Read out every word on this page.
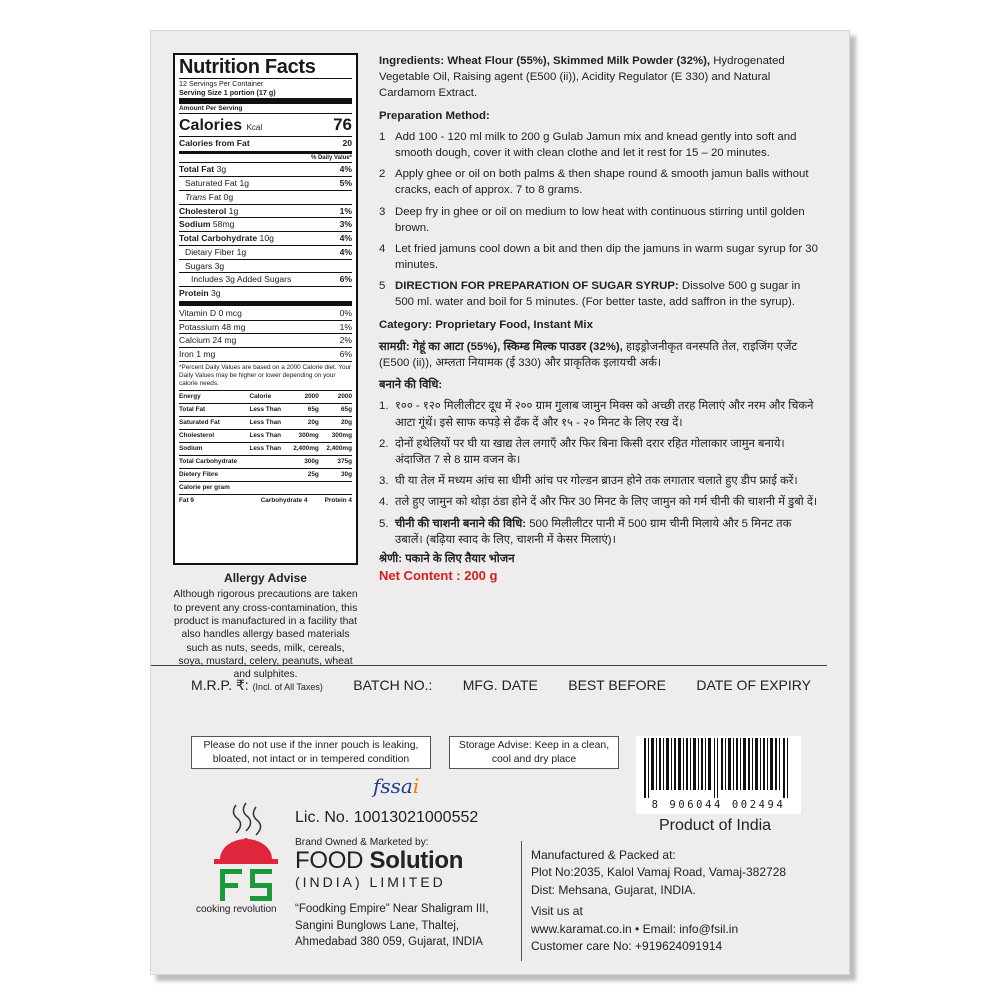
Nutrition Facts
12 Servings Per Container
Serving Size 1 portion (17 g)
Amount Per Serving
Calories Kcal	76
Calories from Fat	20
% Daily Value*
Total Fat 3g	4%
Saturated Fat 1g	5%
Trans Fat 0g
Cholesterol 1g	1%
Sodium 58mg	3%
Total Carbohydrate 10g	4%
Dietary Fiber 1g	4%
Sugars 3g
Includes 3g Added Sugars	6%
Protein 3g
Vitamin D 0 mcg	0%
Potassium 48 mg	1%
Calcium 24 mg	2%
Iron 1 mg	6%
*Percent Daily Values are based on a 2000 Calorie diet. Your Daily Values may be higher or lower depending on your calorie needs.
Energy	Calorie	2000	2000
Total Fat	Less Than	65g	65g
Saturated Fat	Less Than	20g	20g
Cholesterol	Less Than	300mg	300mg
Sodium	Less Than	2,400mg	2,400mg
Total Carbohydrate		300g	375g
Dietery Fibre		25g	30g
Calorie per gram			
Fat 9	Carbohydrate 4		Protein 4
Allergy Advise
Although rigorous precautions are taken to prevent any cross-contamination, this product is manufactured in a facility that also handles allergy based materials such as nuts, seeds, milk, cereals, soya, mustard, celery, peanuts, wheat and sulphites.
Ingredients: Wheat Flour (55%), Skimmed Milk Powder (32%), Hydrogenated Vegetable Oil, Raising agent (E500 (ii)), Acidity Regulator (E 330) and Natural Cardamom Extract.
Preparation Method:
1 Add 100 - 120 ml milk to 200 g Gulab Jamun mix and knead gently into soft and smooth dough, cover it with clean clothe and let it rest for 15 – 20 minutes.
2 Apply ghee or oil on both palms & then shape round & smooth jamun balls without cracks, each of approx. 7 to 8 grams.
3 Deep fry in ghee or oil on medium to low heat with continuous stirring until golden brown.
4 Let fried jamuns cool down a bit and then dip the jamuns in warm sugar syrup for 30 minutes.
5 DIRECTION FOR PREPARATION OF SUGAR SYRUP: Dissolve 500 g sugar in 500 ml. water and boil for 5 minutes. (For better taste, add saffron in the syrup).
Category: Proprietary Food, Instant Mix
सामग्री: गेहूं का आटा (55%), स्किम्ड मिल्क पाउडर (32%), हाइड्रोजनीकृत वनस्पति तेल, राइजिंग एजेंट (E500 (ii)), अम्लता नियामक (ई 330) और प्राकृतिक इलायची अर्क।
बनाने की विधि:
1. १०० - १२० मिलीलीटर दूध में २०० ग्राम गुलाब जामुन मिक्स को अच्छी तरह मिलाएं और नरम और चिकने आटा गूंथें। इसे साफ कपड़े से ढँक दें और १५ - २० मिनट के लिए रख दें।
2. दोनों हथेलियों पर घी या खाद्य तेल लगाएँ और फिर बिना किसी दरार रहित गोलाकार जामुन बनाये। अंदाजित 7 से 8 ग्राम वजन के।
3. घी या तेल में मध्यम आंच सा धीमी आंच पर गोल्डन ब्राउन होने तक लगातार चलाते हुए डीप फ्राई करें।
4. तले हुए जामुन को थोड़ा ठंडा होने दें और फिर 30 मिनट के लिए जामुन को गर्म चीनी की चाशनी में डुबो दें।
5. चीनी की चाशनी बनाने की विधि: 500 मिलीलीटर पानी में 500 ग्राम चीनी मिलाये और 5 मिनट तक उबालें। (बढ़िया स्वाद के लिए, चाशनी में केसर मिलाएं)।
श्रेणी: पकाने के लिए तैयार भोजन
Net Content : 200 g
M.R.P. ₹: (Incl. of All Taxes) BATCH NO.: MFG. DATE BEST BEFORE DATE OF EXPIRY
Please do not use if the inner pouch is leaking, bloated, not intact or in tempered condition
Storage Advise: Keep in a clean, cool and dry place
8 906044 002494
Product of India
fssai
Lic. No. 10013021000552
cooking revolution
Brand Owned & Marketed by:
FOOD Solution
(INDIA) LIMITED
“Foodking Empire” Near Shaligram III,
Sangini Bunglows Lane, Thaltej,
Ahmedabad 380 059, Gujarat, INDIA
Manufactured & Packed at:
Plot No:2035, Kalol Vamaj Road, Vamaj-382728
Dist: Mehsana, Gujarat, INDIA.
Visit us at
www.karamat.co.in • Email: info@fsil.in
Customer care No: +919624091914
